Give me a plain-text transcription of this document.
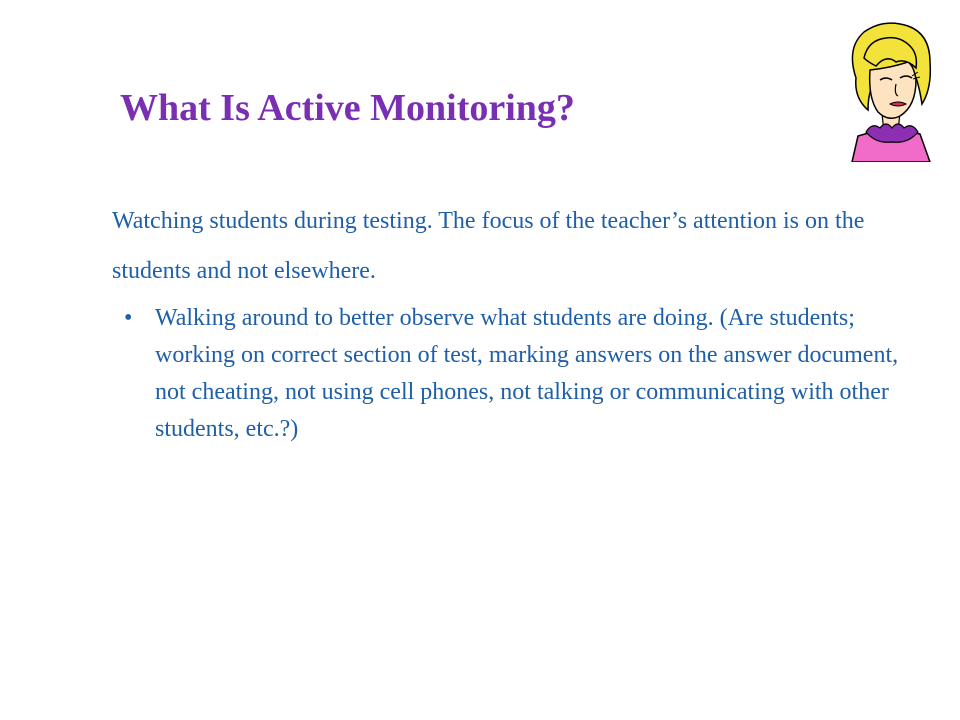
What Is Active Monitoring?

Watching students during testing. The focus of the teacher’s attention is on the students and not elsewhere.

• Walking around to better observe what students are doing. (Are students; working on correct section of test, marking answers on the answer document, not cheating, not using cell phones, not talking or communicating with other students, etc.?)
